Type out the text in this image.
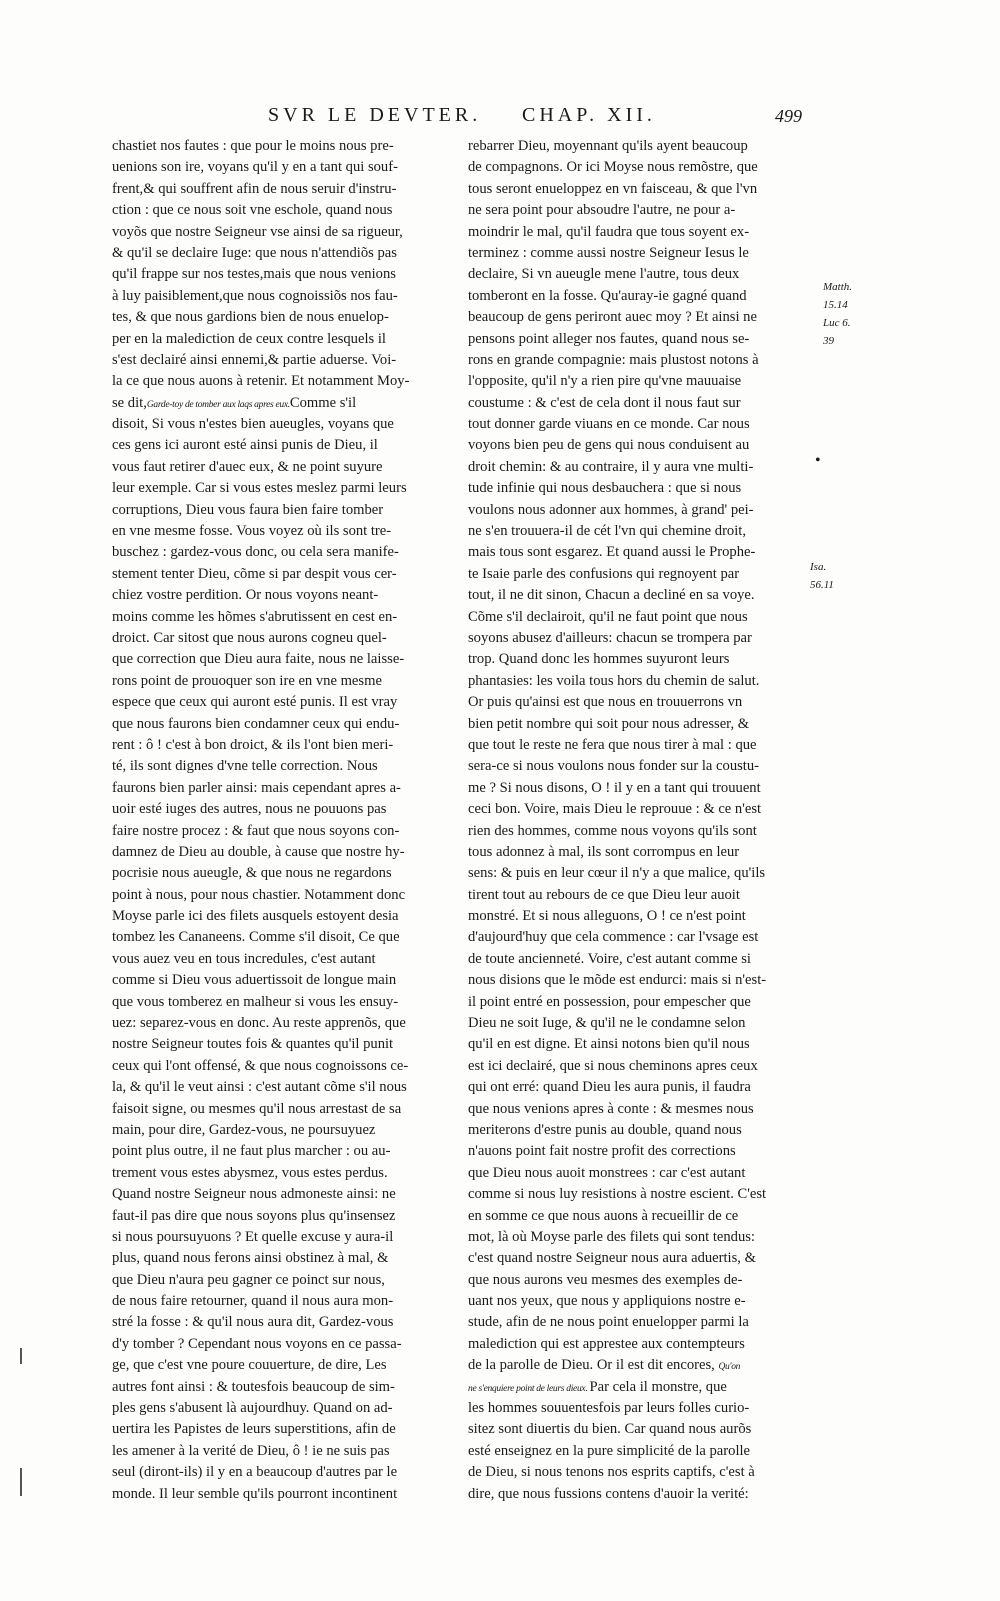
SVR LE DEVTER. CHAP. XII.	499
chastiet nos fautes : que pour le moins nous pre-
uenions son ire, voyans qu'il y en a tant qui souf-
frent,& qui souffrent afin de nous seruir d'instru-
ction : que ce nous soit vne eschole, quand nous
voyõs que nostre Seigneur vse ainsi de sa rigueur,
& qu'il se declaire Iuge: que nous n'attendiõs pas
qu'il frappe sur nos testes,mais que nous venions
à luy paisiblement,que nous cognoissiõs nos fau-
tes, & que nous gardions bien de nous enuelop-
per en la malediction de ceux contre lesquels il
s'est declairé ainsi ennemi,& partie aduerse. Voi-
la ce que nous auons à retenir. Et notamment Moy-
se dit,Garde-toy de tomber aux laqs apres eux.Comme s'il
disoit, Si vous n'estes bien aueugles, voyans que
ces gens ici auront esté ainsi punis de Dieu, il
vous faut retirer d'auec eux, & ne point suyure
leur exemple. Car si vous estes meslez parmi leurs
corruptions, Dieu vous faura bien faire tomber
en vne mesme fosse. Vous voyez où ils sont tre-
buschez : gardez-vous donc, ou cela sera manife-
stement tenter Dieu, cõme si par despit vous cer-
chiez vostre perdition. Or nous voyons neant-
moins comme les hõmes s'abrutissent en cest en-
droict. Car sitost que nous aurons cogneu quel-
que correction que Dieu aura faite, nous ne laisse-
rons point de prouoquer son ire en vne mesme
espece que ceux qui auront esté punis. Il est vray
que nous faurons bien condamner ceux qui endu-
rent : ô ! c'est à bon droict, & ils l'ont bien meri-
té, ils sont dignes d'vne telle correction. Nous
faurons bien parler ainsi: mais cependant apres a-
uoir esté iuges des autres, nous ne pouuons pas
faire nostre procez : & faut que nous soyons con-
damnez de Dieu au double, à cause que nostre hy-
pocrisie nous aueugle, & que nous ne regardons
point à nous, pour nous chastier. Notamment donc
Moyse parle ici des filets ausquels estoyent desia
tombez les Cananeens. Comme s'il disoit, Ce que
vous auez veu en tous incredules, c'est autant
comme si Dieu vous aduertissoit de longue main
que vous tomberez en malheur si vous les ensuy-
uez: separez-vous en donc. Au reste apprenõs, que
nostre Seigneur toutes fois & quantes qu'il punit
ceux qui l'ont offensé, & que nous cognoissons ce-
la, & qu'il le veut ainsi : c'est autant cõme s'il nous
faisoit signe, ou mesmes qu'il nous arrestast de sa
main, pour dire, Gardez-vous, ne poursuyuez
point plus outre, il ne faut plus marcher : ou au-
trement vous estes abysmez, vous estes perdus.
Quand nostre Seigneur nous admoneste ainsi: ne
faut-il pas dire que nous soyons plus qu'insensez
si nous poursuyuons ? Et quelle excuse y aura-il
plus, quand nous ferons ainsi obstinez à mal, &
que Dieu n'aura peu gagner ce poinct sur nous,
de nous faire retourner, quand il nous aura mon-
stré la fosse : & qu'il nous aura dit, Gardez-vous
d'y tomber ? Cependant nous voyons en ce passa-
ge, que c'est vne poure couuerture, de dire, Les
autres font ainsi : & toutesfois beaucoup de sim-
ples gens s'abusent là aujourdhuy. Quand on ad-
uertira les Papistes de leurs superstitions, afin de
les amener à la verité de Dieu, ô ! ie ne suis pas
seul (diront-ils) il y en a beaucoup d'autres par le
monde. Il leur semble qu'ils pourront incontinent
rebarrer Dieu, moyennant qu'ils ayent beaucoup
de compagnons. Or ici Moyse nous remõstre, que
tous seront enueloppez en vn faisceau, & que l'vn
ne sera point pour absoudre l'autre, ne pour a-
moindrir le mal, qu'il faudra que tous soyent ex-
terminez : comme aussi nostre Seigneur Iesus le
declaire, Si vn aueugle mene l'autre, tous deux
tomberont en la fosse. Qu'auray-ie gagné quand
beaucoup de gens periront auec moy ? Et ainsi ne
pensons point alleger nos fautes, quand nous se-
rons en grande compagnie: mais plustost notons à
l'opposite, qu'il n'y a rien pire qu'vne mauuaise
coustume : & c'est de cela dont il nous faut sur
tout donner garde viuans en ce monde. Car nous
voyons bien peu de gens qui nous conduisent au
droit chemin: & au contraire, il y aura vne multi-
tude infinie qui nous desbauchera : que si nous
voulons nous adonner aux hommes, à grand' pei-
ne s'en trouuera-il de cét l'vn qui chemine droit,
mais tous sont esgarez. Et quand aussi le Prophe-
te Isaie parle des confusions qui regnoyent par
tout, il ne dit sinon, Chacun a decliné en sa voye.
Cõme s'il declairoit, qu'il ne faut point que nous
soyons abusez d'ailleurs: chacun se trompera par
trop. Quand donc les hommes suyuront leurs
phantasies: les voila tous hors du chemin de salut.
Or puis qu'ainsi est que nous en trouuerrons vn
bien petit nombre qui soit pour nous adresser, &
que tout le reste ne fera que nous tirer à mal : que
sera-ce si nous voulons nous fonder sur la coustu-
me ? Si nous disons, O ! il y en a tant qui trouuent
ceci bon. Voire, mais Dieu le reprouue : & ce n'est
rien des hommes, comme nous voyons qu'ils sont
tous adonnez à mal, ils sont corrompus en leur
sens: & puis en leur cœur il n'y a que malice, qu'ils
tirent tout au rebours de ce que Dieu leur auoit
monstré. Et si nous alleguons, O ! ce n'est point
d'aujourd'huy que cela commence : car l'vsage est
de toute ancienneté. Voire, c'est autant comme si
nous disions que le mõde est endurci: mais si n'est-
il point entré en possession, pour empescher que
Dieu ne soit Iuge, & qu'il ne le condamne selon
qu'il en est digne. Et ainsi notons bien qu'il nous
est ici declairé, que si nous cheminons apres ceux
qui ont erré: quand Dieu les aura punis, il faudra
que nous venions apres à conte : & mesmes nous
meriterons d'estre punis au double, quand nous
n'auons point fait nostre profit des corrections
que Dieu nous auoit monstrees : car c'est autant
comme si nous luy resistions à nostre escient. C'est
en somme ce que nous auons à recueillir de ce
mot, là où Moyse parle des filets qui sont tendus:
c'est quand nostre Seigneur nous aura aduertis, &
que nous aurons veu mesmes des exemples de-
uant nos yeux, que nous y appliquions nostre e-
stude, afin de ne nous point enuelopper parmi la
malediction qui est apprestee aux contempteurs
de la parolle de Dieu. Or il est dit encores, Qu'on
ne s'enquiere point de leurs dieux. Par cela il monstre, que
les hommes souuentesfois par leurs folles curio-
sitez sont diuertis du bien. Car quand nous aurõs
esté enseignez en la pure simplicité de la parolle
de Dieu, si nous tenons nos esprits captifs, c'est à
dire, que nous fussions contens d'auoir la verité:
Matth.
15.14
Luc 6.
39
Isa.
56.11
•
